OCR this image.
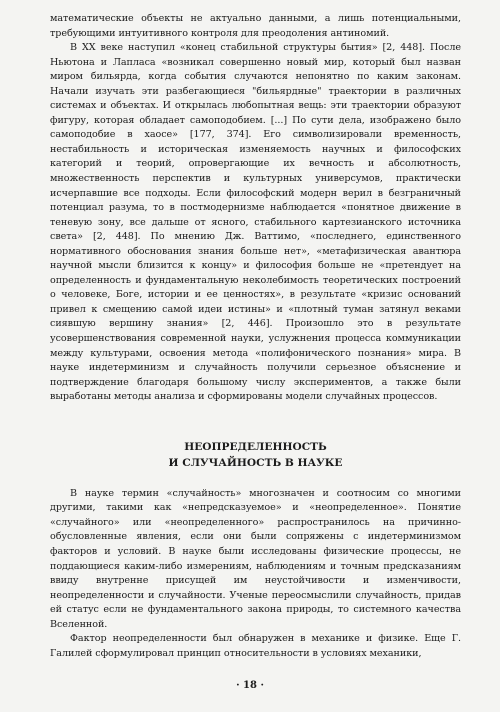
математические объекты не актуально данными, а лишь потенциальными, требующими интуитивного контроля для преодоления антиномий.

В XX веке наступил «конец стабильной структуры бытия» [2, 448]. После Ньютона и Лапласа «возникал совершенно новый мир, который был назван миром бильярда, когда события случаются непонятно по каким законам. Начали изучать эти разбегающиеся "бильярдные" траектории в различных системах и объектах. И открылась любопытная вещь: эти траектории образуют фигуру, которая обладает самоподобием. [...] По сути дела, изображено было самоподобие в хаосе» [177, 374]. Его символизировали временность, нестабильность и историческая изменяемость научных и философских категорий и теорий, опровергающие их вечность и абсолютность, множественность перспектив и культурных универсумов, практически исчерпавшие все подходы. Если философский модерн верил в безграничный потенциал разума, то в постмодернизме наблюдается «понятное движение в теневую зону, все дальше от ясного, стабильного картезианского источника света» [2, 448]. По мнению Дж. Ваттимо, «последнего, единственного нормативного обоснования знания больше нет», «метафизическая авантюра научной мысли близится к концу» и философия больше не «претендует на определенность и фундаментальную неколебимость теоретических построений о человеке, Боге, истории и ее ценностях», в результате «кризис оснований привел к смещению самой идеи истины» и «плотный туман затянул веками сиявшую вершину знания» [2, 446]. Произошло это в результате усовершенствования современной науки, услужнения процесса коммуникации между культурами, освоения метода «полифонического познания» мира. В науке индетерминизм и случайность получили серьезное объяснение и подтверждение благодаря большому числу экспериментов, а также были выработаны методы анализа и сформированы модели случайных процессов.

НЕОПРЕДЕЛЕННОСТЬ
И СЛУЧАЙНОСТЬ В НАУКЕ

В науке термин «случайность» многозначен и соотносим со многими другими, такими как «непредсказуемое» и «неопределенное». Понятие «случайного» или «неопределенного» распространилось на причинно-обусловленные явления, если они были сопряжены с индетерминизмом факторов и условий. В науке были исследованы физические процессы, не поддающиеся каким-либо измерениям, наблюдениям и точным предсказаниям ввиду внутренне присущей им неустойчивости и изменчивости, неопределенности и случайности. Ученые переосмыслили случайность, придав ей статус если не фундаментального закона природы, то системного качества Вселенной.

Фактор неопределенности был обнаружен в механике и физике. Еще Г. Галилей сформулировал принцип относительности в условиях механики,

· 18 ·
